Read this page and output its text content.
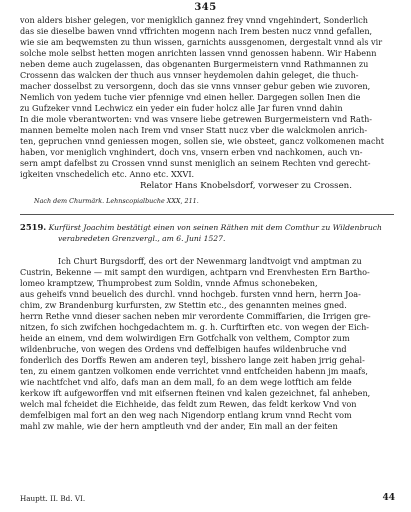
345
von alders bisher gelegen, vor menigklich gannez frey vnnd vngehindert, Sonderlich
das sie dieselbe bawen vnnd vffrichten mogenn nach Irem besten nucz vnnd gefallen,
wie sie am beqwemsten zu thun wissen, garnichts aussgenomen, dergestalt vnnd als vir
solche mole selbst hetten mogen anrichten lassen vnnd genossen habenn. Wir Habenn
neben deme auch zugelassen, das obgenanten Burgermeistern vnnd Rathmannen zu
Crossenn das walcken der thuch aus vnnser heydemolen dahin geleget, die thuch-
macher dosselbst zu versorgenn, doch das sie vnns vnnser gebur geben wie zuvoren,
Nemlich von yedem tuche vier pfennige vnd einen heller. Dargegen sollen Inen die
zu Gufzeker vnnd Lechwicz ein yeder ein fuder holcz alle Jar furen vnnd dahin
In die mole vberantworten: vnd was vnsere liebe getrewen Burgermeistern vnd Rath-
mannen bemelte molen nach Irem vnd vnser Statt nucz vber die walckmolen anrich-
ten, gepruchen vnnd geniessen mogen, sollen sie, wie obsteet, gancz volkomenen macht
haben, vor meniglich vnghindert, doch vns, vnsern erben vnd nachkomen, auch vn-
sern ampt dafelbst zu Crossen vnnd sunst meniglich an seinem Rechten vnd gerecht-
igkeiten vnschedelich etc. Anno etc. XXVI.
Relator Hans Knobelsdorf, vorweser zu Crossen.
Nach dem Churmärk. Lehnscopialbuche XXX, 211.
2519. Kurfürst Joachim bestätigt einen von seinen Räthen mit dem Comthur zu Wildenbruch
verabredeten Grenzvergl., am 6. Juni 1527.
Ich Churt Burgsdorff, des ort der Newenmarg landtvoigt vnd amptman zu
Custrin, Bekenne — mit sampt den wurdigen, achtparn vnd Erenvhesten Ern Bartho-
lomeo kramptzew, Thumprobest zum Soldin, vnnde Afmus schonebeken,
aus geheifs vnnd beuelich des durchl. vnnd hochgeb. fursten vnnd hern, herrn Joa-
chim, zw Brandenburg kurfursten, zw Stettin etc., des genannten meines gned.
herrn Rethe vnnd dieser sachen neben mir verordente Commiffarien, die Irrigen gre-
nitzen, fo sich zwifchen hochgedachtem m. g. h. Curftirften etc. von wegen der Eich-
heide an einem, vnd dem wolwirdigen Ern Gotfchalk von velthem, Comptor zum
wildenbruche, von wegen des Ordens vnd deffelbigen haufes wildenbruche vnd
fonderlich des Dorffs Rewen am anderen teyl, bisshero lange zeit haben jrrig gehal-
ten, zu einem gantzen volkomen ende verrichtet vnnd entfcheiden habenn jm maafs,
wie nachtfchet vnd alfo, dafs man an dem mall, fo an dem wege lotftich am felde
kerkow ift aufgeworffen vnd mit eifsernen fteinen vnd kalen gezeichnet, fal anheben,
welch mal fcheidet die Eichheide, das feldt zum Rewen, das feldt kerkow Vnd von
demfelbigen mal fort an den weg nach Nigendorp entlang krum vnnd Recht vom
mahl zw mahle, wie der hern amptleuth vnd der ander, Ein mall an der feiten
Hauptt. II. Bd. VI.	44
